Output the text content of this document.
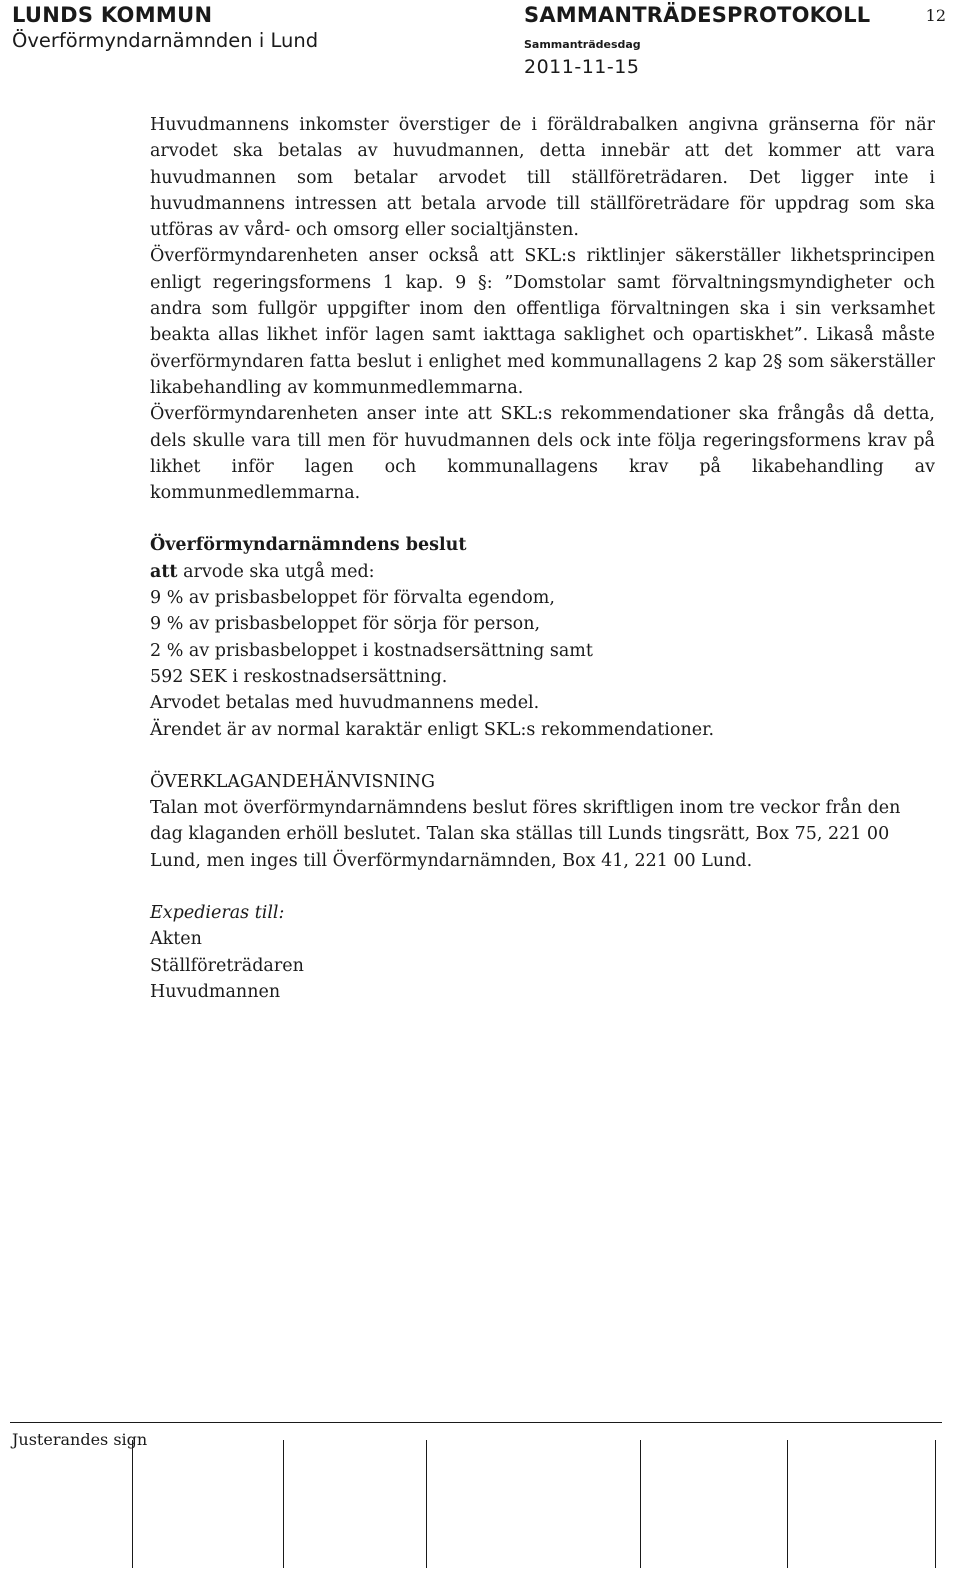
LUNDS KOMMUN
Överförmyndarnämnden i Lund
SAMMANTRÄDESPROTOKOLL
Sammanträdesdag
2011-11-15
12

Huvudmannens inkomster överstiger de i föräldrabalken angivna gränserna för när arvodet ska betalas av huvudmannen, detta innebär att det kommer att vara huvudmannen som betalar arvodet till ställföreträdaren. Det ligger inte i huvudmannens intressen att betala arvode till ställföreträdare för uppdrag som ska utföras av vård- och omsorg eller socialtjänsten.

Överförmyndarenheten anser också att SKL:s riktlinjer säkerställer likhetsprincipen enligt regeringsformens 1 kap. 9 §: ”Domstolar samt förvaltningsmyndigheter och andra som fullgör uppgifter inom den offentliga förvaltningen ska i sin verksamhet beakta allas likhet inför lagen samt iakttaga saklighet och opartiskhet”. Likaså måste överförmyndaren fatta beslut i enlighet med kommunallagens 2 kap 2§ som säkerställer likabehandling av kommunmedlemmarna.

Överförmyndarenheten anser inte att SKL:s rekommendationer ska frångås då detta, dels skulle vara till men för huvudmannen dels ock inte följa regeringsformens krav på likhet inför lagen och kommunallagens krav på likabehandling av kommunmedlemmarna.

Överförmyndarnämndens beslut
att arvode ska utgå med:
9 % av prisbasbeloppet för förvalta egendom,
9 % av prisbasbeloppet för sörja för person,
2 % av prisbasbeloppet i kostnadsersättning samt
592 SEK i reskostnadsersättning.
Arvodet betalas med huvudmannens medel.
Ärendet är av normal karaktär enligt SKL:s rekommendationer.
ÖVERKLAGANDEHÄNVISNING

Talan mot överförmyndarnämndens beslut föres skriftligen inom tre veckor från den dag klaganden erhöll beslutet. Talan ska ställas till Lunds tingsrätt, Box 75, 221 00 Lund, men inges till Överförmyndarnämnden, Box 41, 221 00 Lund.

Expedieras till:
Akten
Ställföreträdaren
Huvudmannen
Justerandes sign
